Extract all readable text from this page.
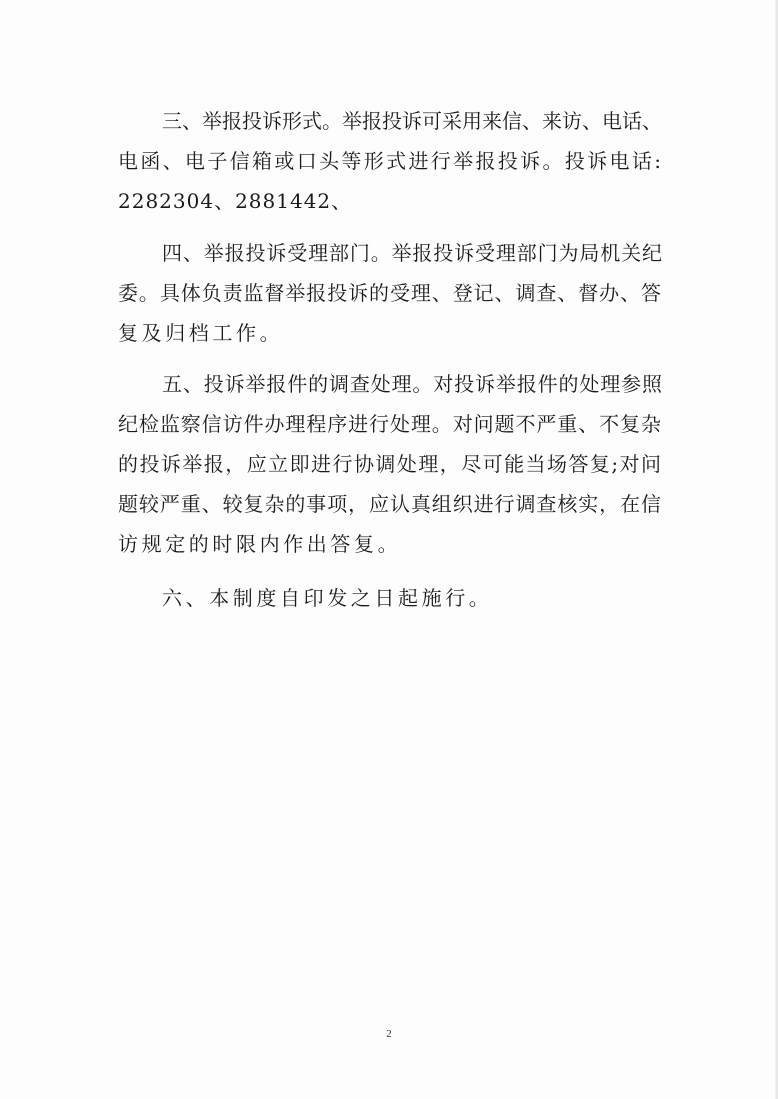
三、举报投诉形式。举报投诉可采用来信、来访、电话、
电函、电子信箱或口头等形式进行举报投诉。投诉电话:
2282304、2881442、
四、举报投诉受理部门。举报投诉受理部门为局机关纪
委。具体负责监督举报投诉的受理、登记、调查、督办、答
复及归档工作。
五、投诉举报件的调查处理。对投诉举报件的处理参照
纪检监察信访件办理程序进行处理。对问题不严重、不复杂
的投诉举报，应立即进行协调处理，尽可能当场答复;对问
题较严重、较复杂的事项，应认真组织进行调查核实，在信
访规定的时限内作出答复。
六、本制度自印发之日起施行。
2
